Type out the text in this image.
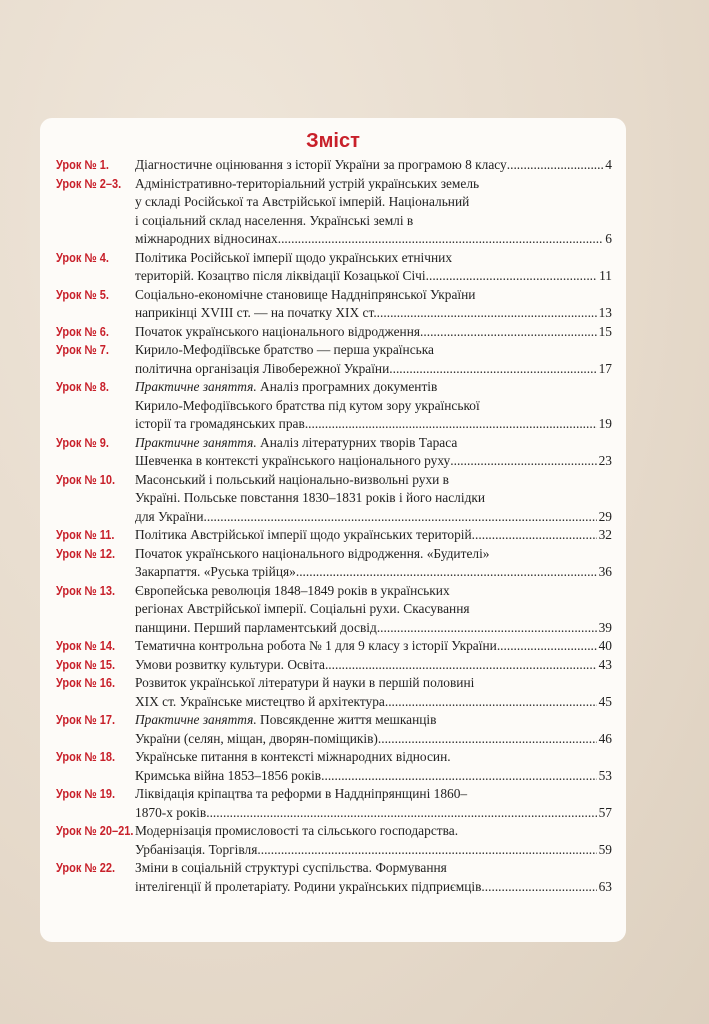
Зміст
Урок № 1. Діагностичне оцінювання з історії України за програмою 8 класу .....	4
Урок № 2–3. Адміністративно-територіальний устрій українських земель
у складі Російської та Австрійської імперій. Національний
і соціальний склад населення. Українські землі в
міжнародних відносинах .....	6
Урок № 4. Політика Російської імперії щодо українських етнічних
територій. Козацтво після ліквідації Козацької Січі .....	11
Урок № 5. Соціально-економічне становище Наддніпрянської України
наприкінці XVIII ст. — на початку XIX ст. .....	13
Урок № 6. Початок українського національного відродження .....	15
Урок № 7. Кирило-Мефодіївське братство — перша українська
політична організація Лівобережної України .....	17
Урок № 8. Практичне заняття. Аналіз програмних документів
Кирило-Мефодіївського братства під кутом зору української
історії та громадянських прав .....	19
Урок № 9. Практичне заняття. Аналіз літературних творів Тараса
Шевченка в контексті українського національного руху .....	23
Урок № 10. Масонський і польський національно-визвольні рухи в
Україні. Польське повстання 1830–1831 років і його наслідки
для України .....	29
Урок № 11. Політика Австрійської імперії щодо українських територій .....	32
Урок № 12. Початок українського національного відродження. «Будителі»
Закарпаття. «Руська трійця» .....	36
Урок № 13. Європейська революція 1848–1849 років в українських
регіонах Австрійської імперії. Соціальні рухи. Скасування
панщини. Перший парламентський досвід .....	39
Урок № 14. Тематична контрольна робота № 1 для 9 класу з історії України .....	40
Урок № 15. Умови розвитку культури. Освіта .....	43
Урок № 16. Розвиток української літератури й науки в першій половині
XIX ст. Українське мистецтво й архітектура .....	45
Урок № 17. Практичне заняття. Повсякденне життя мешканців
України (селян, міщан, дворян-поміщиків) .....	46
Урок № 18. Українське питання в контексті міжнародних відносин.
Кримська війна 1853–1856 років .....	53
Урок № 19. Ліквідація кріпацтва та реформи в Наддніпрянщині 1860–
1870-х років .....	57
Урок № 20–21. Модернізація промисловості та сільського господарства.
Урбанізація. Торгівля .....	59
Урок № 22. Зміни в соціальній структурі суспільства. Формування
інтелігенції й пролетаріату. Родини українських підприємців .....	63
